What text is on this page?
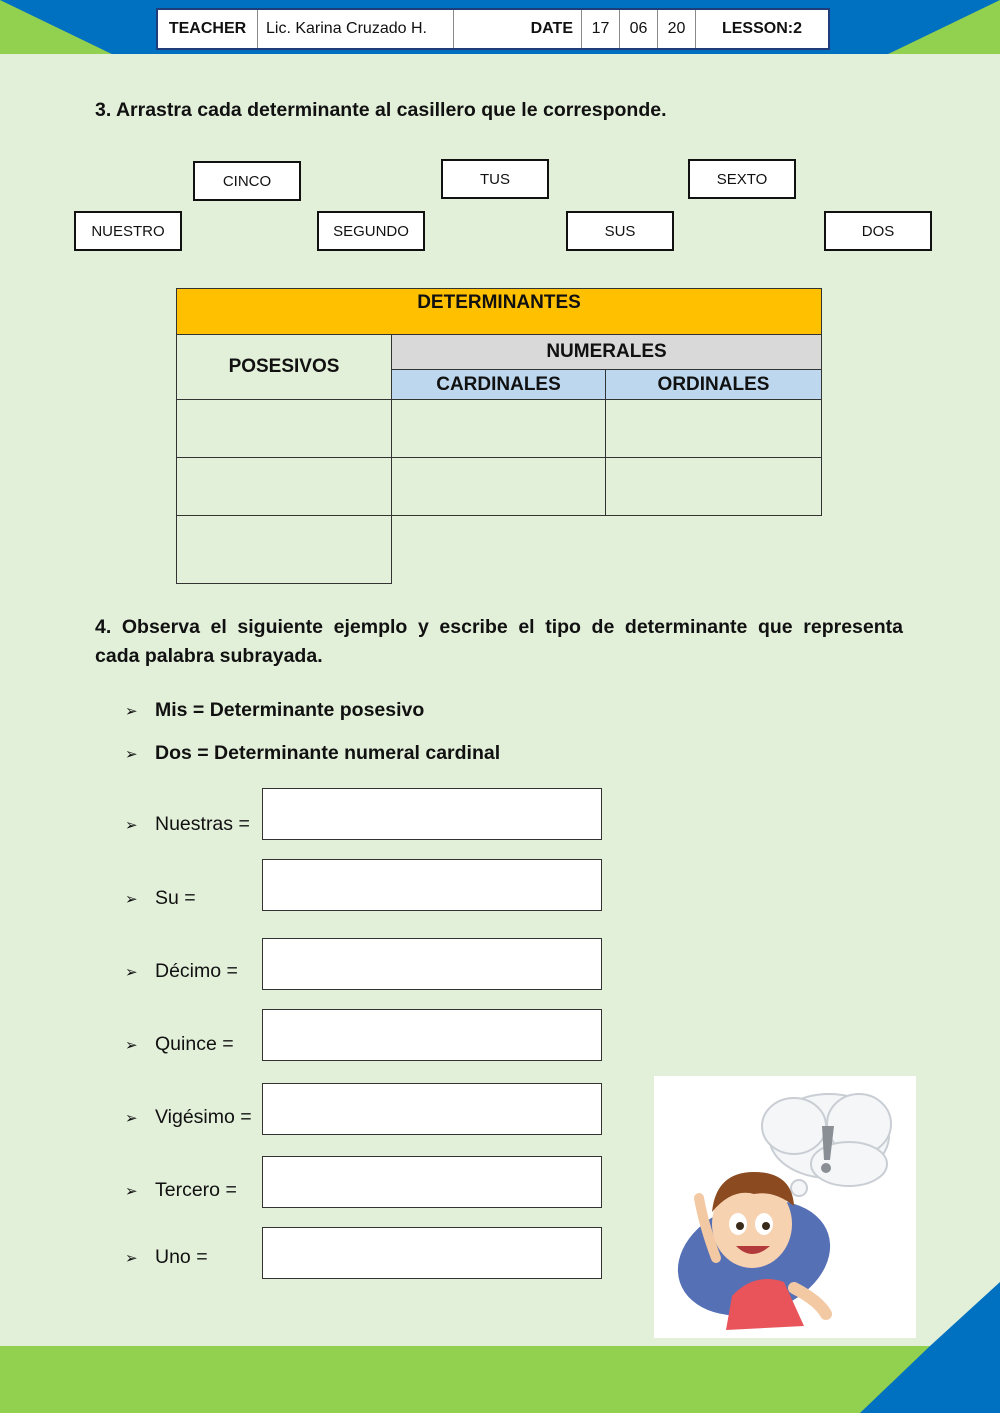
TEACHER	Lic. Karina Cruzado H.	DATE	17	06	20	LESSON:2
3. Arrastra cada determinante al casillero que le corresponde.
CINCO	TUS	SEXTO
NUESTRO	SEGUNDO	SUS	DOS
DETERMINANTES
POSESIVOS
NUMERALES
CARDINALES	ORDINALES
4. Observa el siguiente ejemplo y escribe el tipo de determinante que representa
cada palabra subrayada.
➢ Mis = Determinante posesivo
➢ Dos = Determinante numeral cardinal
➢ Nuestras =
➢ Su =
➢ Décimo =
➢ Quince =
➢ Vigésimo =
➢ Tercero =
➢ Uno =
